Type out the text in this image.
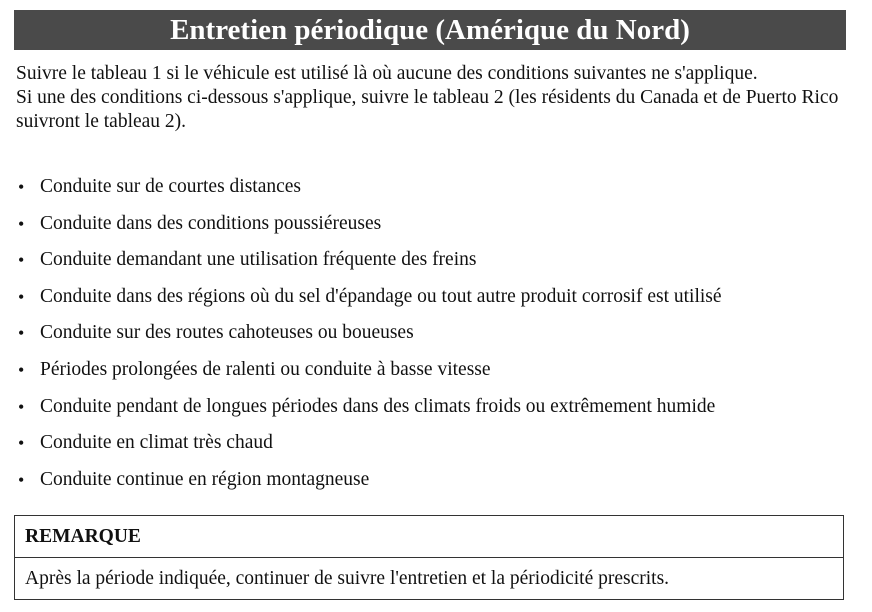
Entretien périodique (Amérique du Nord)

Suivre le tableau 1 si le véhicule est utilisé là où aucune des conditions suivantes ne s'applique.

Si une des conditions ci-dessous s'applique, suivre le tableau 2 (les résidents du Canada et de Puerto Rico suivront le tableau 2).

• Conduite sur de courtes distances
• Conduite dans des conditions poussiéreuses
• Conduite demandant une utilisation fréquente des freins
• Conduite dans des régions où du sel d'épandage ou tout autre produit corrosif est utilisé
• Conduite sur des routes cahoteuses ou boueuses
• Périodes prolongées de ralenti ou conduite à basse vitesse
• Conduite pendant de longues périodes dans des climats froids ou extrêmement humide
• Conduite en climat très chaud
• Conduite continue en région montagneuse
REMARQUE
Après la période indiquée, continuer de suivre l'entretien et la périodicité prescrits.
